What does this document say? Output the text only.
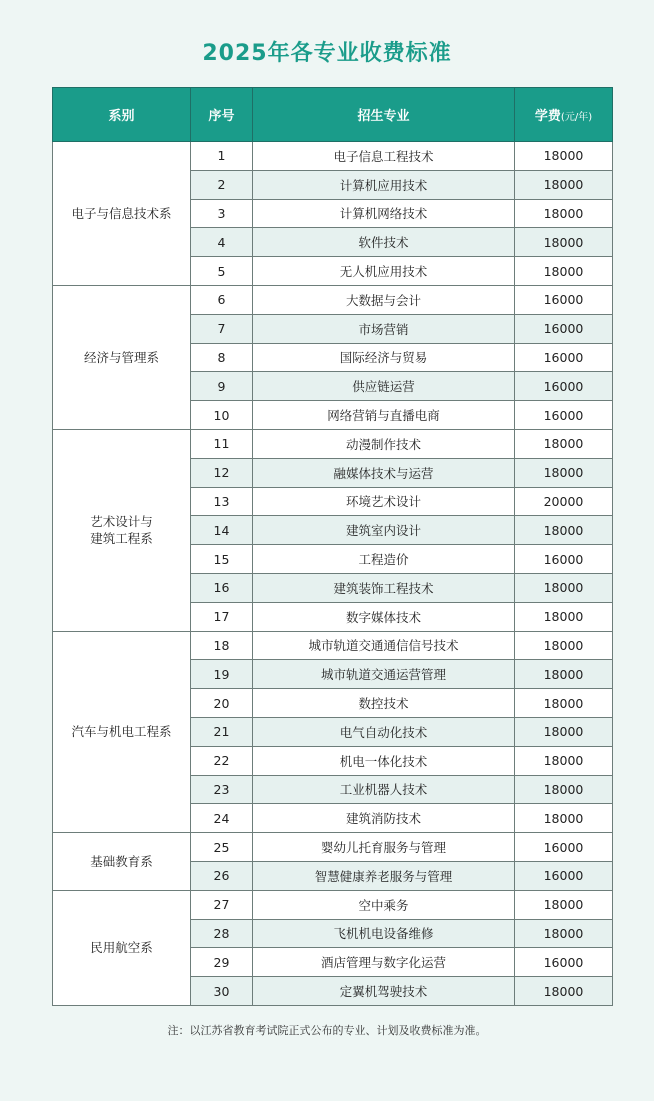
2025年各专业收费标准
系别	序号	招生专业	学费(元/年)
电子与信息技术系	1	电子信息工程技术	18000
	2	计算机应用技术	18000
	3	计算机网络技术	18000
	4	软件技术	18000
	5	无人机应用技术	18000
经济与管理系	6	大数据与会计	16000
	7	市场营销	16000
	8	国际经济与贸易	16000
	9	供应链运营	16000
	10	网络营销与直播电商	16000
艺术设计与
建筑工程系	11	动漫制作技术	18000
	12	融媒体技术与运营	18000
	13	环境艺术设计	20000
	14	建筑室内设计	18000
	15	工程造价	16000
	16	建筑装饰工程技术	18000
	17	数字媒体技术	18000
汽车与机电工程系	18	城市轨道交通通信信号技术	18000
	19	城市轨道交通运营管理	18000
	20	数控技术	18000
	21	电气自动化技术	18000
	22	机电一体化技术	18000
	23	工业机器人技术	18000
	24	建筑消防技术	18000
基础教育系	25	婴幼儿托育服务与管理	16000
	26	智慧健康养老服务与管理	16000
民用航空系	27	空中乘务	18000
	28	飞机机电设备维修	18000
	29	酒店管理与数字化运营	16000
	30	定翼机驾驶技术	18000
注：以江苏省教育考试院正式公布的专业、计划及收费标准为准。
